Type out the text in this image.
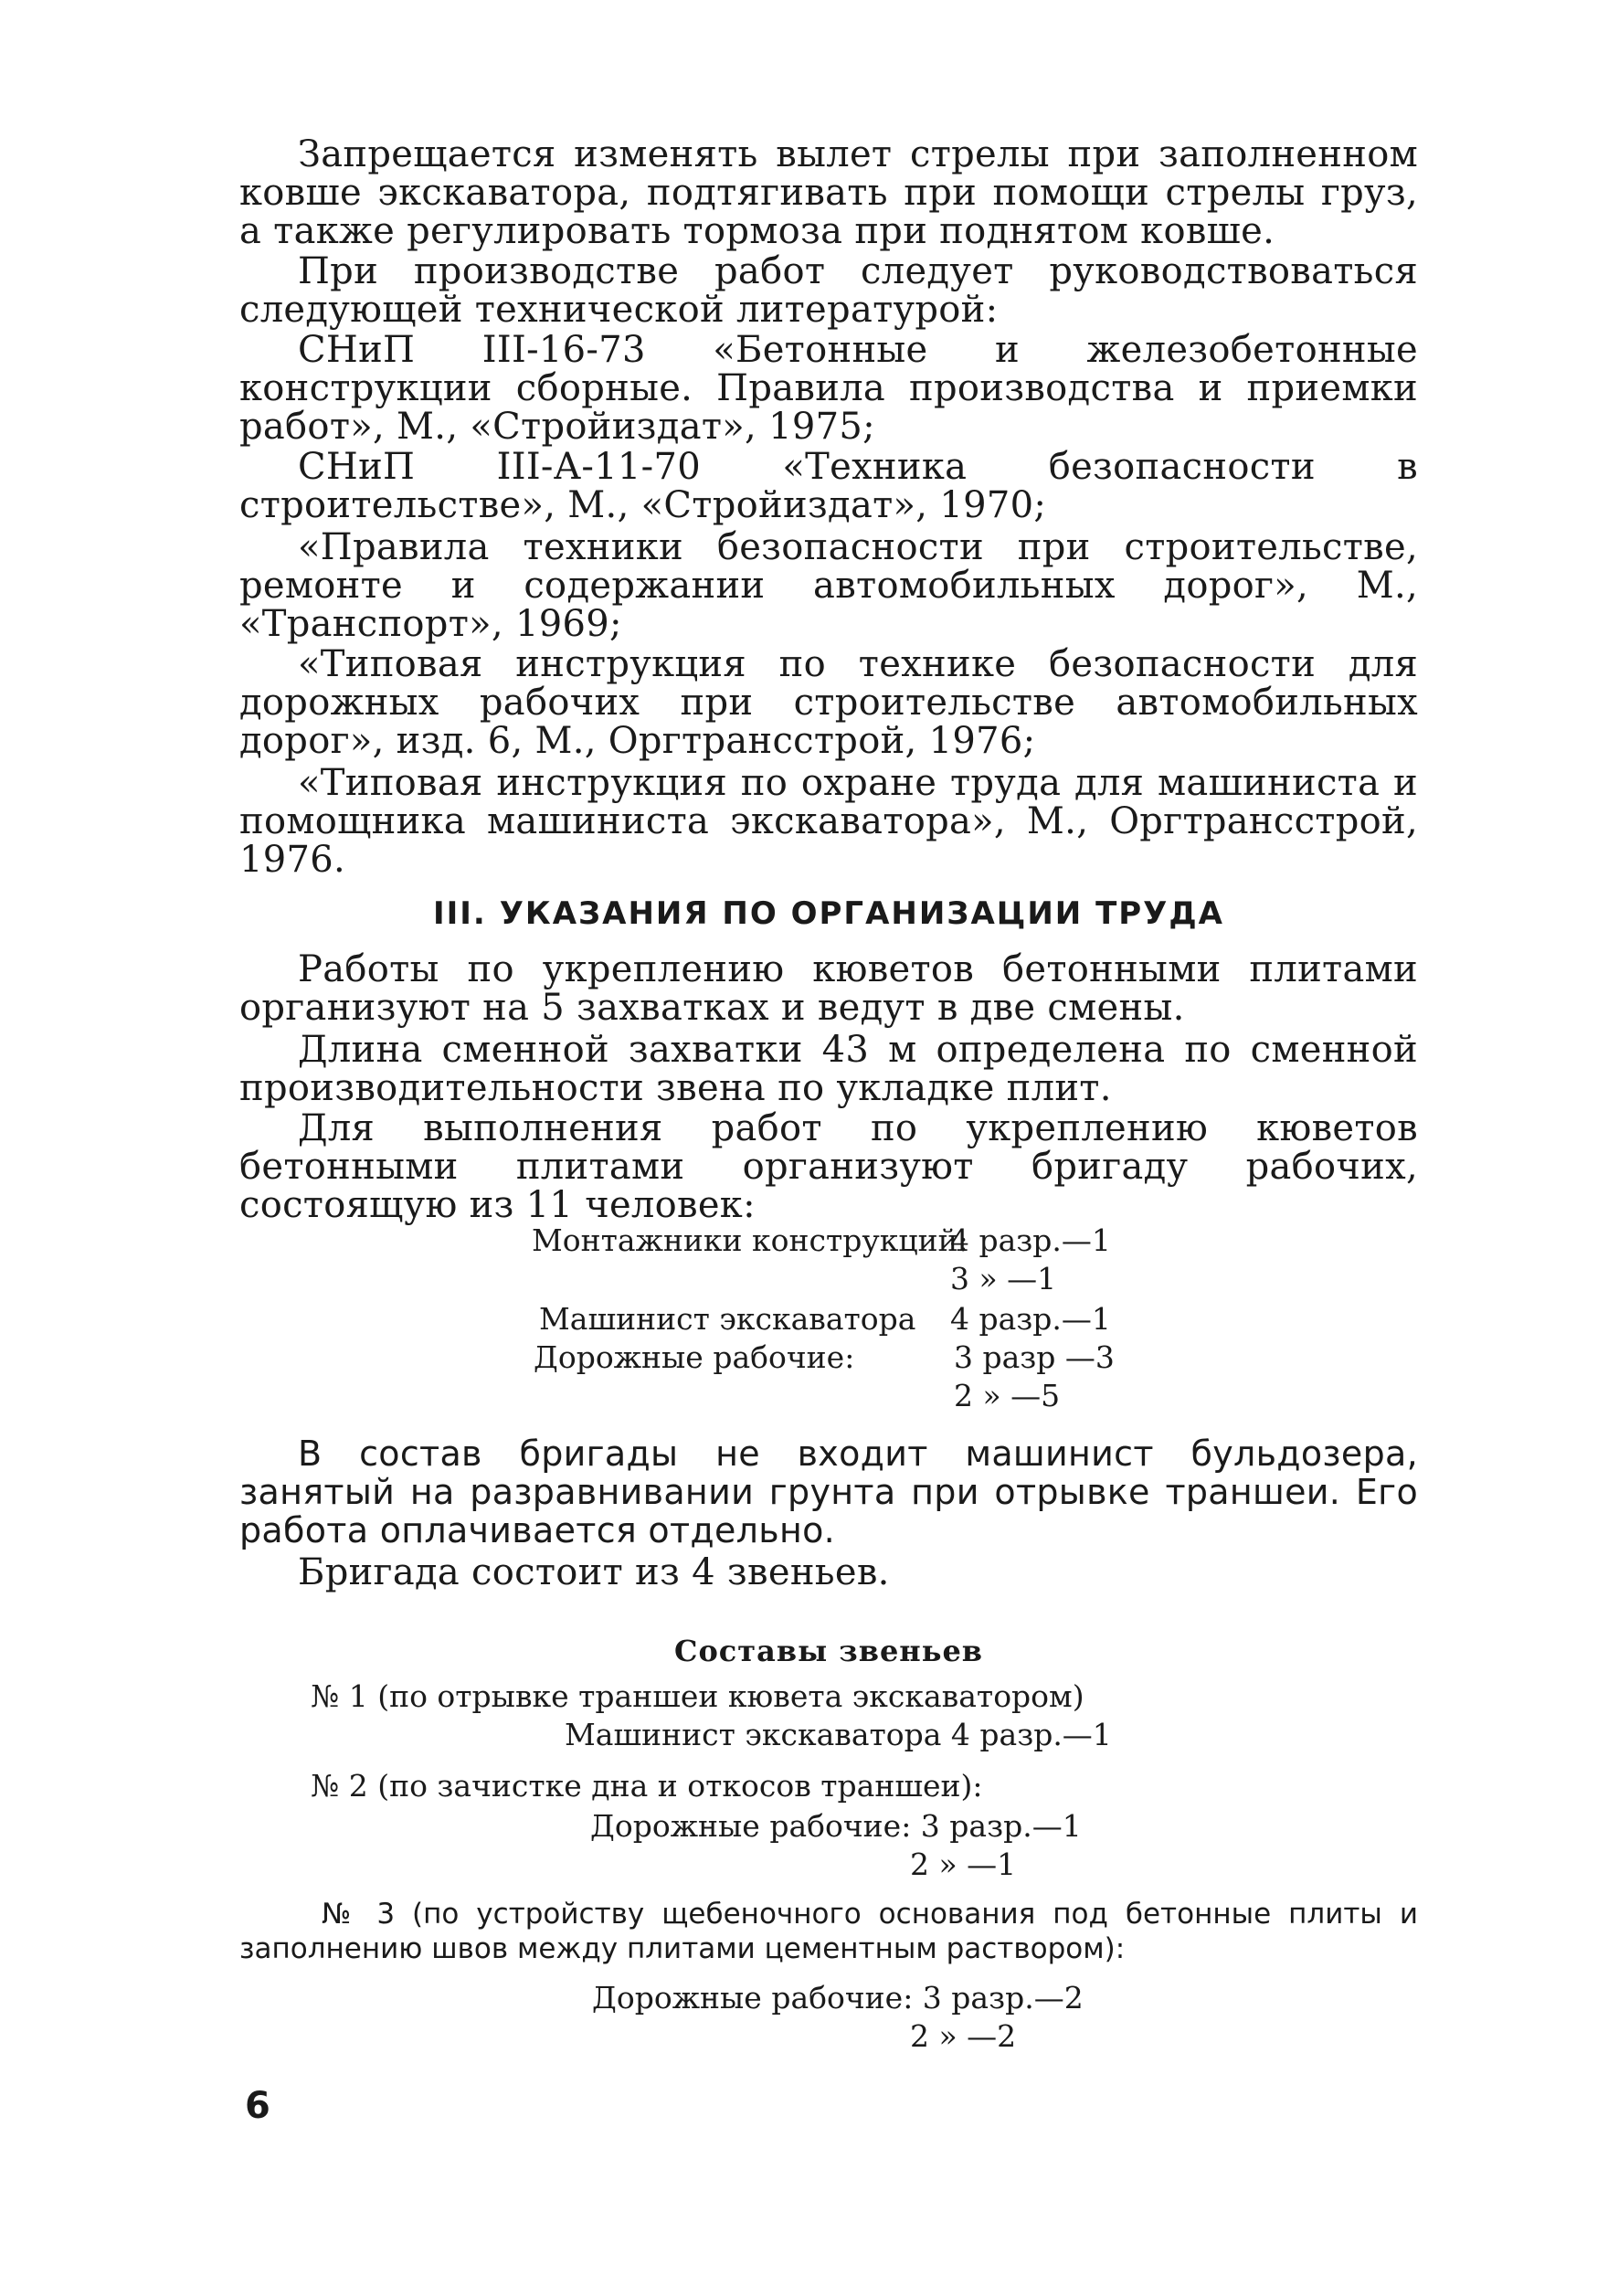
Запрещается изменять вылет стрелы при заполненном ковше экскаватора, подтягивать при помощи стрелы груз, а также регулировать тормоза при поднятом ковше.

При производстве работ следует руководствоваться следующей технической литературой:

СНиП III-16-73 «Бетонные и железобетонные конструкции сборные. Правила производства и приемки работ», М., «Стройиздат», 1975;

СНиП III-А-11-70 «Техника безопасности в строительстве», М., «Стройиздат», 1970;

«Правила техники безопасности при строительстве, ремонте и содержании автомобильных дорог», М., «Транспорт», 1969;

«Типовая инструкция по технике безопасности для дорожных рабочих при строительстве автомобильных дорог», изд. 6, М., Оргтрансстрой, 1976;

«Типовая инструкция по охране труда для машиниста и помощника машиниста экскаватора», М., Оргтрансстрой, 1976.

III. УКАЗАНИЯ ПО ОРГАНИЗАЦИИ ТРУДА

Работы по укреплению кюветов бетонными плитами организуют на 5 захватках и ведут в две смены.

Длина сменной захватки 43 м определена по сменной производительности звена по укладке плит.

Для выполнения работ по укреплению кюветов бетонными плитами организуют бригаду рабочих, состоящую из 11 человек:

Монтажники конструкций:
4 разр.—1
3 » —1
Машинист экскаватора 4 разр.—1
Дорожные рабочие:	3 разр —3
2 » —5

В состав бригады не входит машинист бульдозера, занятый на разравнивании грунта при отрывке траншеи. Его работа оплачивается отдельно.

Бригада состоит из 4 звеньев.

Составы звеньев

№ 1 (по отрывке траншеи кювета экскаватором)

Машинист экскаватора 4 разр.—1

№ 2 (по зачистке дна и откосов траншеи):

Дорожные рабочие: 3 разр.—1

2 » —1

№ 3 (по устройству щебеночного основания под бетонные плиты и заполнению швов между плитами цементным раствором):

Дорожные рабочие: 3 разр.—2

2 » —2

6
